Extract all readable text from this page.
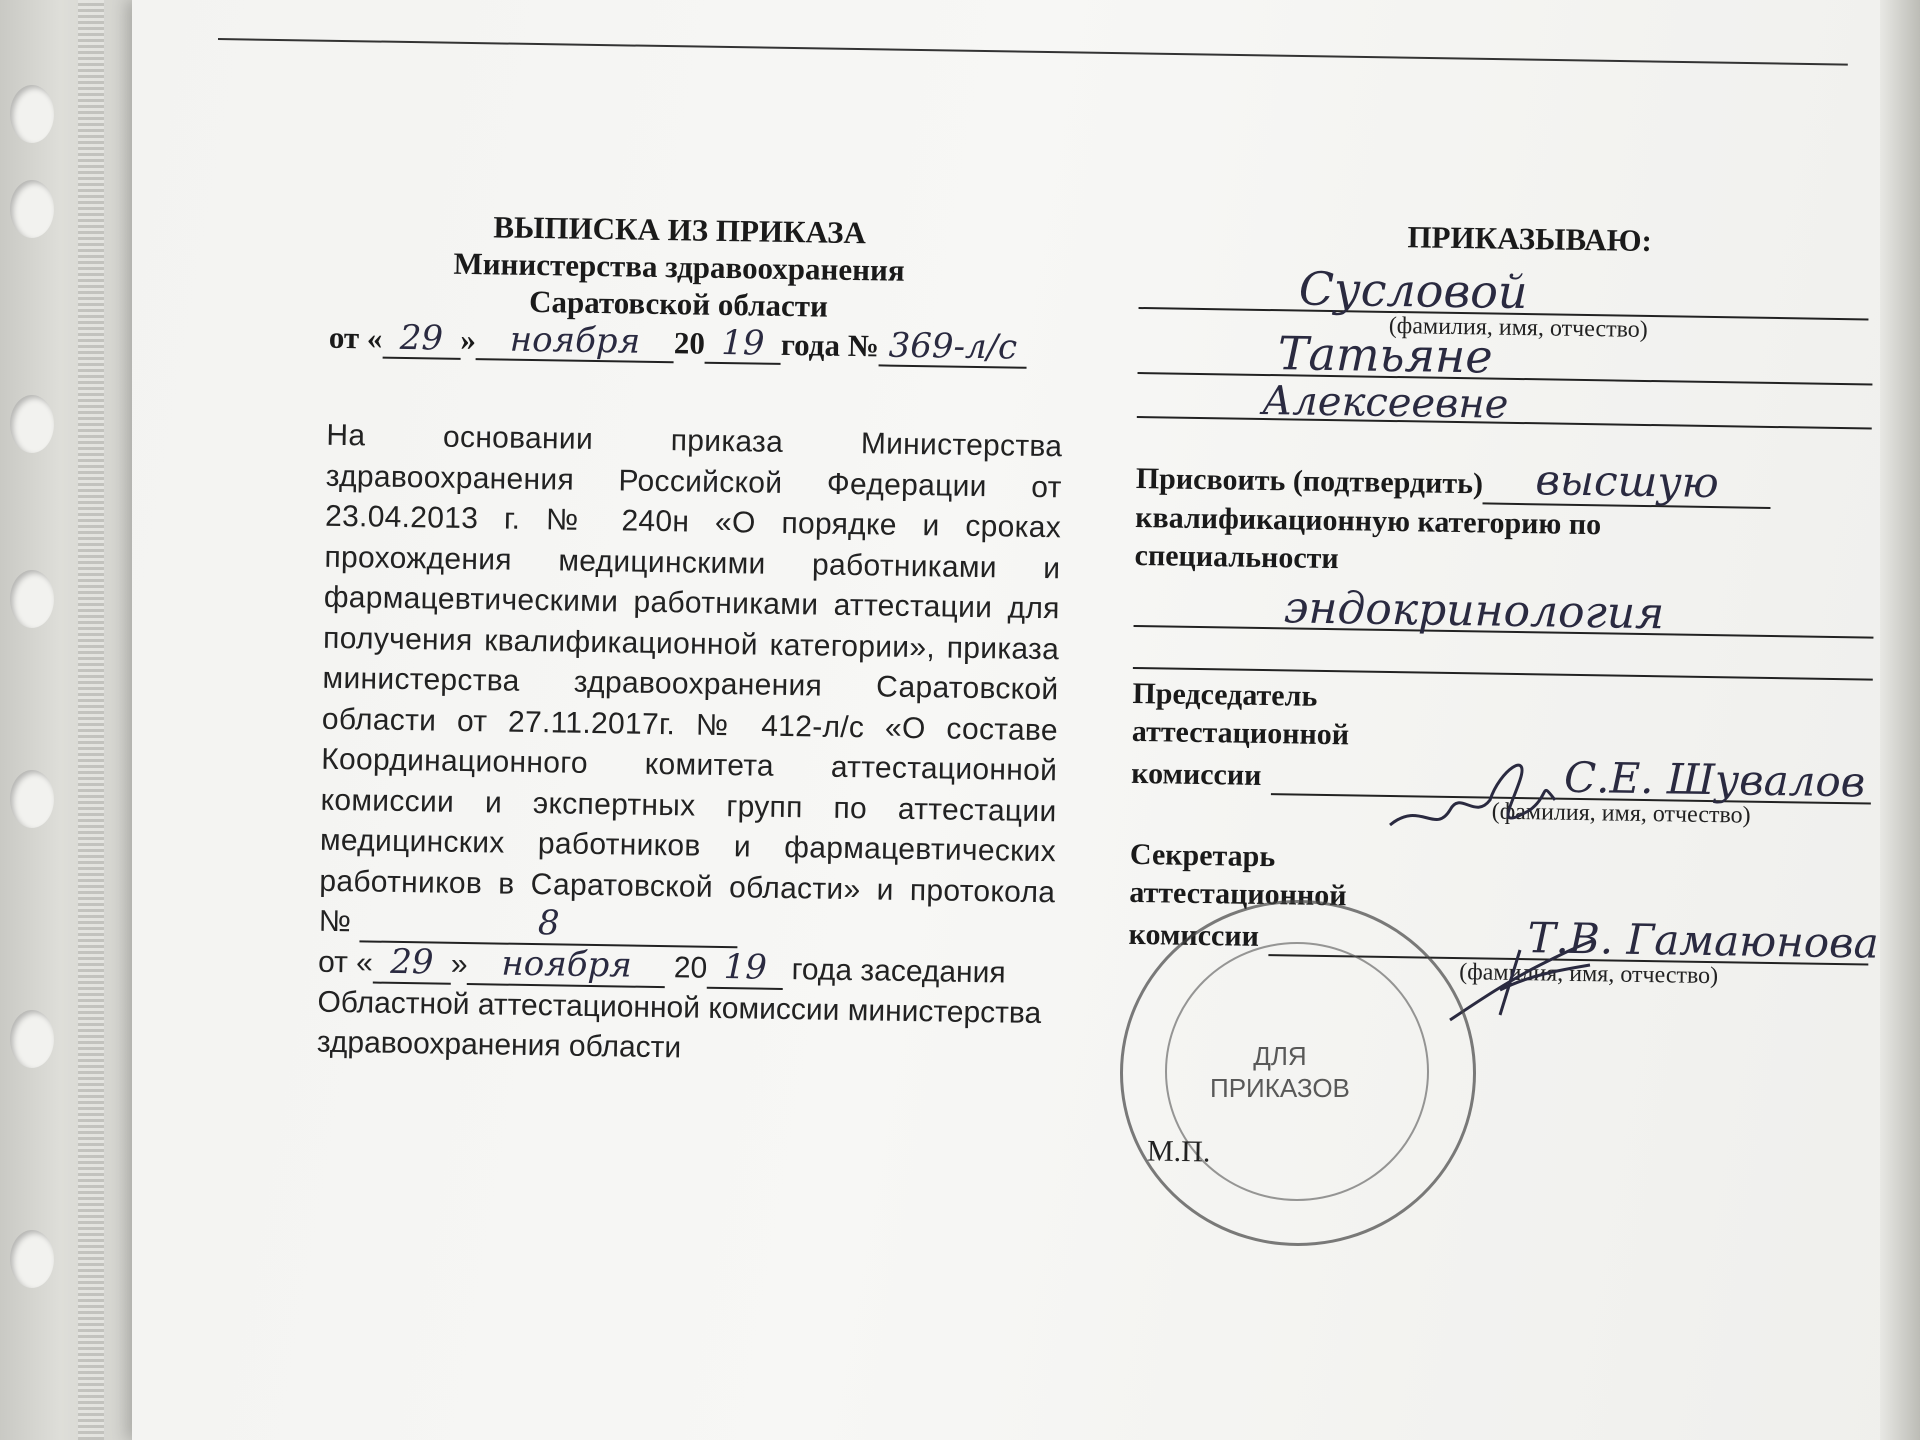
ВЫПИСКА ИЗ ПРИКАЗА
Министерства здравоохранения
Саратовской области
от « 29 » ноября 20 19 года № 369-л/с
На основании приказа Министерства здравоохранения Российской Федерации от 23.04.2013 г. № 240н «О порядке и сроках прохождения медицинскими работниками и фармацевтическими работниками аттестации для получения квалификационной категории», приказа министерства здравоохранения Саратовской области от 27.11.2017г. № 412-л/с «О составе Координационного комитета аттестационной комиссии и экспертных групп по аттестации медицинских работников и фармацевтических работников в Саратовской области» и протокола №	8
от « 29 » ноября 20 19 года заседания Областной аттестационной комиссии министерства здравоохранения области
ПРИКАЗЫВАЮ:
Сусловой
(фамилия, имя, отчество)
Татьяне
Алексеевне
Присвоить (подтвердить) высшую
квалификационную категорию по
специальности
эндокринология
Председатель
аттестационной
комиссии	С.Е. Шувалов
(фамилия, имя, отчество)
Секретарь
аттестационной
комиссии	Т.В. Гамаюнова
(фамилия, имя, отчество)
ДЛЯ
ПРИКАЗОВ
М.П.
